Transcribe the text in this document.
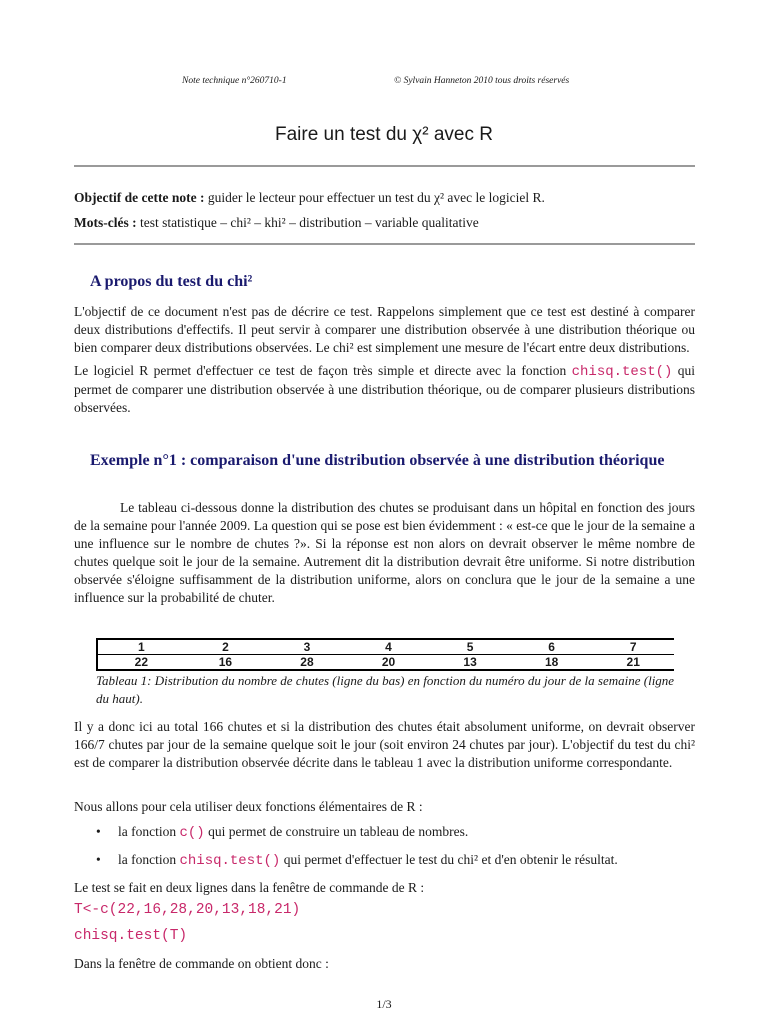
Note technique n°260710-1	© Sylvain Hanneton 2010 tous droits réservés
Faire un test du χ² avec R
Objectif de cette note : guider le lecteur pour effectuer un test du χ² avec le logiciel R.
Mots-clés : test statistique – chi² – khi² – distribution – variable qualitative
A propos du test du chi²

L'objectif de ce document n'est pas de décrire ce test. Rappelons simplement que ce test est destiné à comparer deux distributions d'effectifs. Il peut servir à comparer une distribution observée à une distribution théorique ou bien comparer deux distributions observées. Le chi² est simplement une mesure de l'écart entre deux distributions.

Le logiciel R permet d'effectuer ce test de façon très simple et directe avec la fonction chisq.test() qui permet de comparer une distribution observée à une distribution théorique, ou de comparer plusieurs distributions observées.

Exemple n°1 : comparaison d'une distribution observée à une distribution théorique
Le tableau ci-dessous donne la distribution des chutes se produisant dans un hôpital en fonction des jours de la semaine pour l'année 2009. La question qui se pose est bien évidemment : « est-ce que le jour de la semaine a une influence sur le nombre de chutes ?». Si la réponse est non alors on devrait observer le même nombre de chutes quelque soit le jour de la semaine. Autrement dit la distribution devrait être uniforme. Si notre distribution observée s'éloigne suffisamment de la distribution uniforme, alors on conclura que le jour de la semaine a une influence sur la probabilité de chuter.
1	2	3	4	5	6	7
22	16	28	20	13	18	21
Tableau 1: Distribution du nombre de chutes (ligne du bas) en fonction du numéro du jour de la semaine (ligne du haut).
Il y a donc ici au total 166 chutes et si la distribution des chutes était absolument uniforme, on devrait observer 166/7 chutes par jour de la semaine quelque soit le jour (soit environ 24 chutes par jour). L'objectif du test du chi² est de comparer la distribution observée décrite dans le tableau 1 avec la distribution uniforme correspondante.
Nous allons pour cela utiliser deux fonctions élémentaires de R :
• la fonction c() qui permet de construire un tableau de nombres.
• la fonction chisq.test() qui permet d'effectuer le test du chi² et d'en obtenir le résultat.
Le test se fait en deux lignes dans la fenêtre de commande de R :
T<-c(22,16,28,20,13,18,21)
chisq.test(T)
Dans la fenêtre de commande on obtient donc :
1/3
